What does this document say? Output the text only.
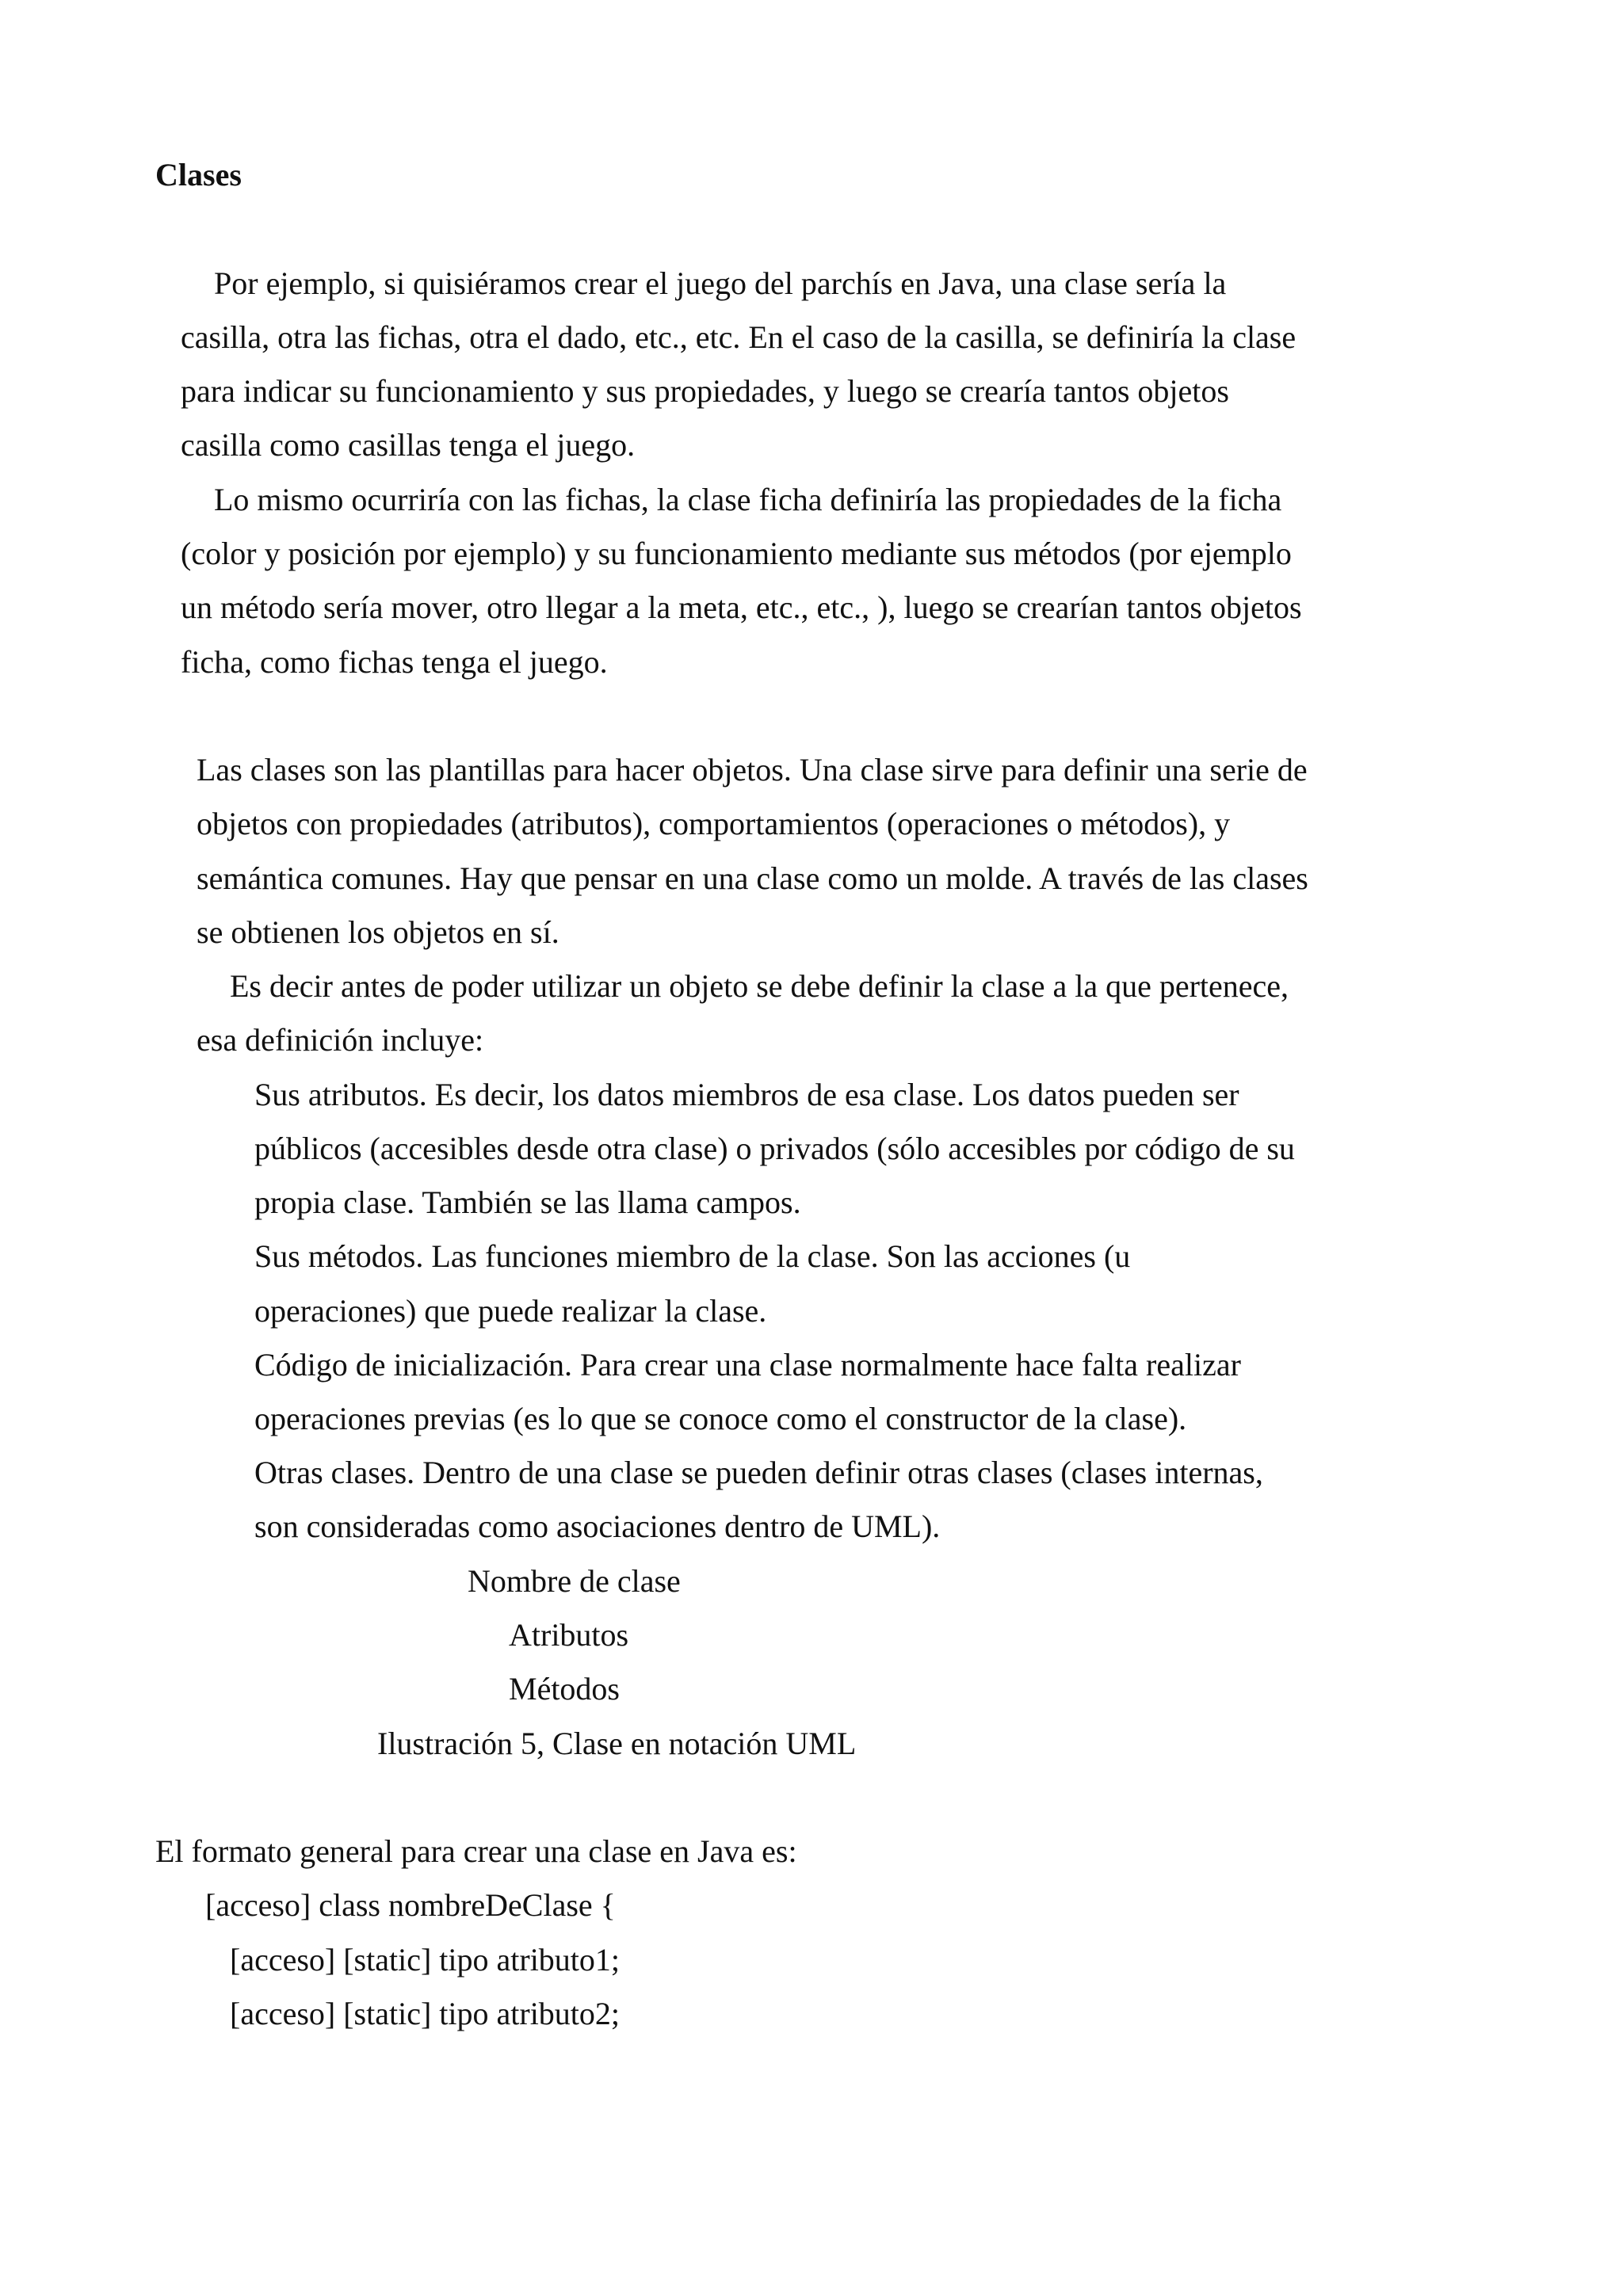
Clases
Por ejemplo, si quisiéramos crear el juego del parchís en Java, una clase sería la
casilla, otra las fichas, otra el dado, etc., etc. En el caso de la casilla, se definiría la clase
para indicar su funcionamiento y sus propiedades, y luego se crearía tantos objetos
casilla como casillas tenga el juego.
Lo mismo ocurriría con las fichas, la clase ficha definiría las propiedades de la ficha
(color y posición por ejemplo) y su funcionamiento mediante sus métodos (por ejemplo
un método sería mover, otro llegar a la meta, etc., etc., ), luego se crearían tantos objetos
ficha, como fichas tenga el juego.
Las clases son las plantillas para hacer objetos. Una clase sirve para definir una serie de
objetos con propiedades (atributos), comportamientos (operaciones o métodos), y
semántica comunes. Hay que pensar en una clase como un molde. A través de las clases
se obtienen los objetos en sí.
Es decir antes de poder utilizar un objeto se debe definir la clase a la que pertenece,
esa definición incluye:
Sus atributos. Es decir, los datos miembros de esa clase. Los datos pueden ser
públicos (accesibles desde otra clase) o privados (sólo accesibles por código de su
propia clase. También se las llama campos.
Sus métodos. Las funciones miembro de la clase. Son las acciones (u
operaciones) que puede realizar la clase.
Código de inicialización. Para crear una clase normalmente hace falta realizar
operaciones previas (es lo que se conoce como el constructor de la clase).
Otras clases. Dentro de una clase se pueden definir otras clases (clases internas,
son consideradas como asociaciones dentro de UML).
Nombre de clase
Atributos
Métodos
Ilustración 5, Clase en notación UML
El formato general para crear una clase en Java es:
[acceso] class nombreDeClase {
[acceso] [static] tipo atributo1;
[acceso] [static] tipo atributo2;
